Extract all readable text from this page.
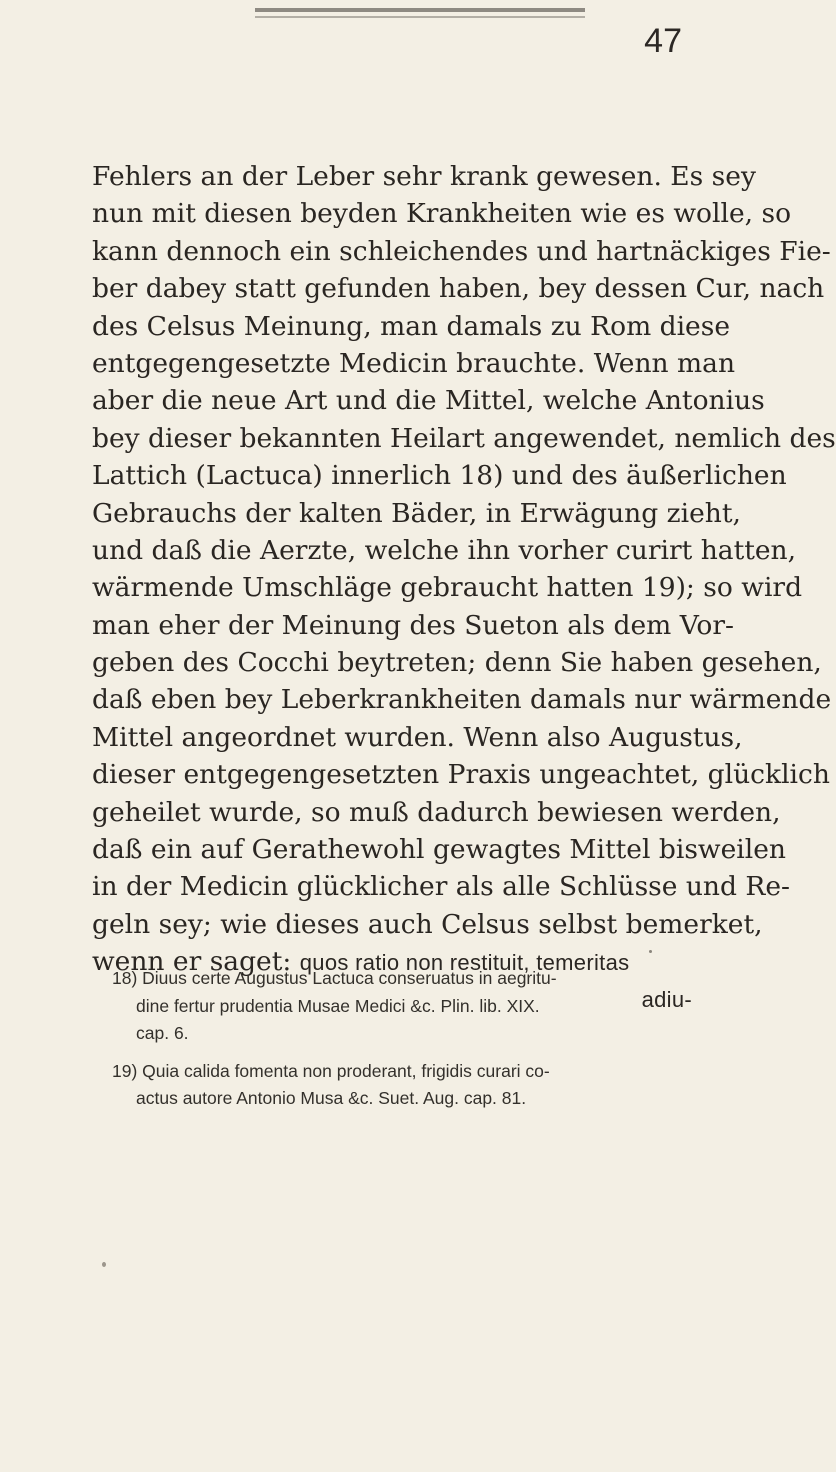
47
Fehlers an der Leber sehr krank gewesen. Es sey
nun mit diesen beyden Krankheiten wie es wolle, so
kann dennoch ein schleichendes und hartnäckiges Fie-
ber dabey statt gefunden haben, bey dessen Cur, nach
des Celsus Meinung, man damals zu Rom diese
entgegengesetzte Medicin brauchte. Wenn man
aber die neue Art und die Mittel, welche Antonius
bey dieser bekannten Heilart angewendet, nemlich des
Lattich (Lactuca) innerlich 18) und des äußerlichen
Gebrauchs der kalten Bäder, in Erwägung zieht,
und daß die Aerzte, welche ihn vorher curirt hatten,
wärmende Umschläge gebraucht hatten 19); so wird
man eher der Meinung des Sueton als dem Vor-
geben des Cocchi beytreten; denn Sie haben gesehen,
daß eben bey Leberkrankheiten damals nur wärmende
Mittel angeordnet wurden. Wenn also Augustus,
dieser entgegengesetzten Praxis ungeachtet, glücklich
geheilet wurde, so muß dadurch bewiesen werden,
daß ein auf Gerathewohl gewagtes Mittel bisweilen
in der Medicin glücklicher als alle Schlüsse und Re-
geln sey; wie dieses auch Celsus selbst bemerket,
wenn er saget: quos ratio non restituit, temeritas
adiu-
18) Diuus certe Augustus Lactuca conseruatus in aegritu-
dine fertur prudentia Musae Medici &c. Plin. lib. XIX.
cap. 6.
19) Quia calida fomenta non proderant, frigidis curari co-
actus autore Antonio Musa &c. Suet. Aug. cap. 81.
